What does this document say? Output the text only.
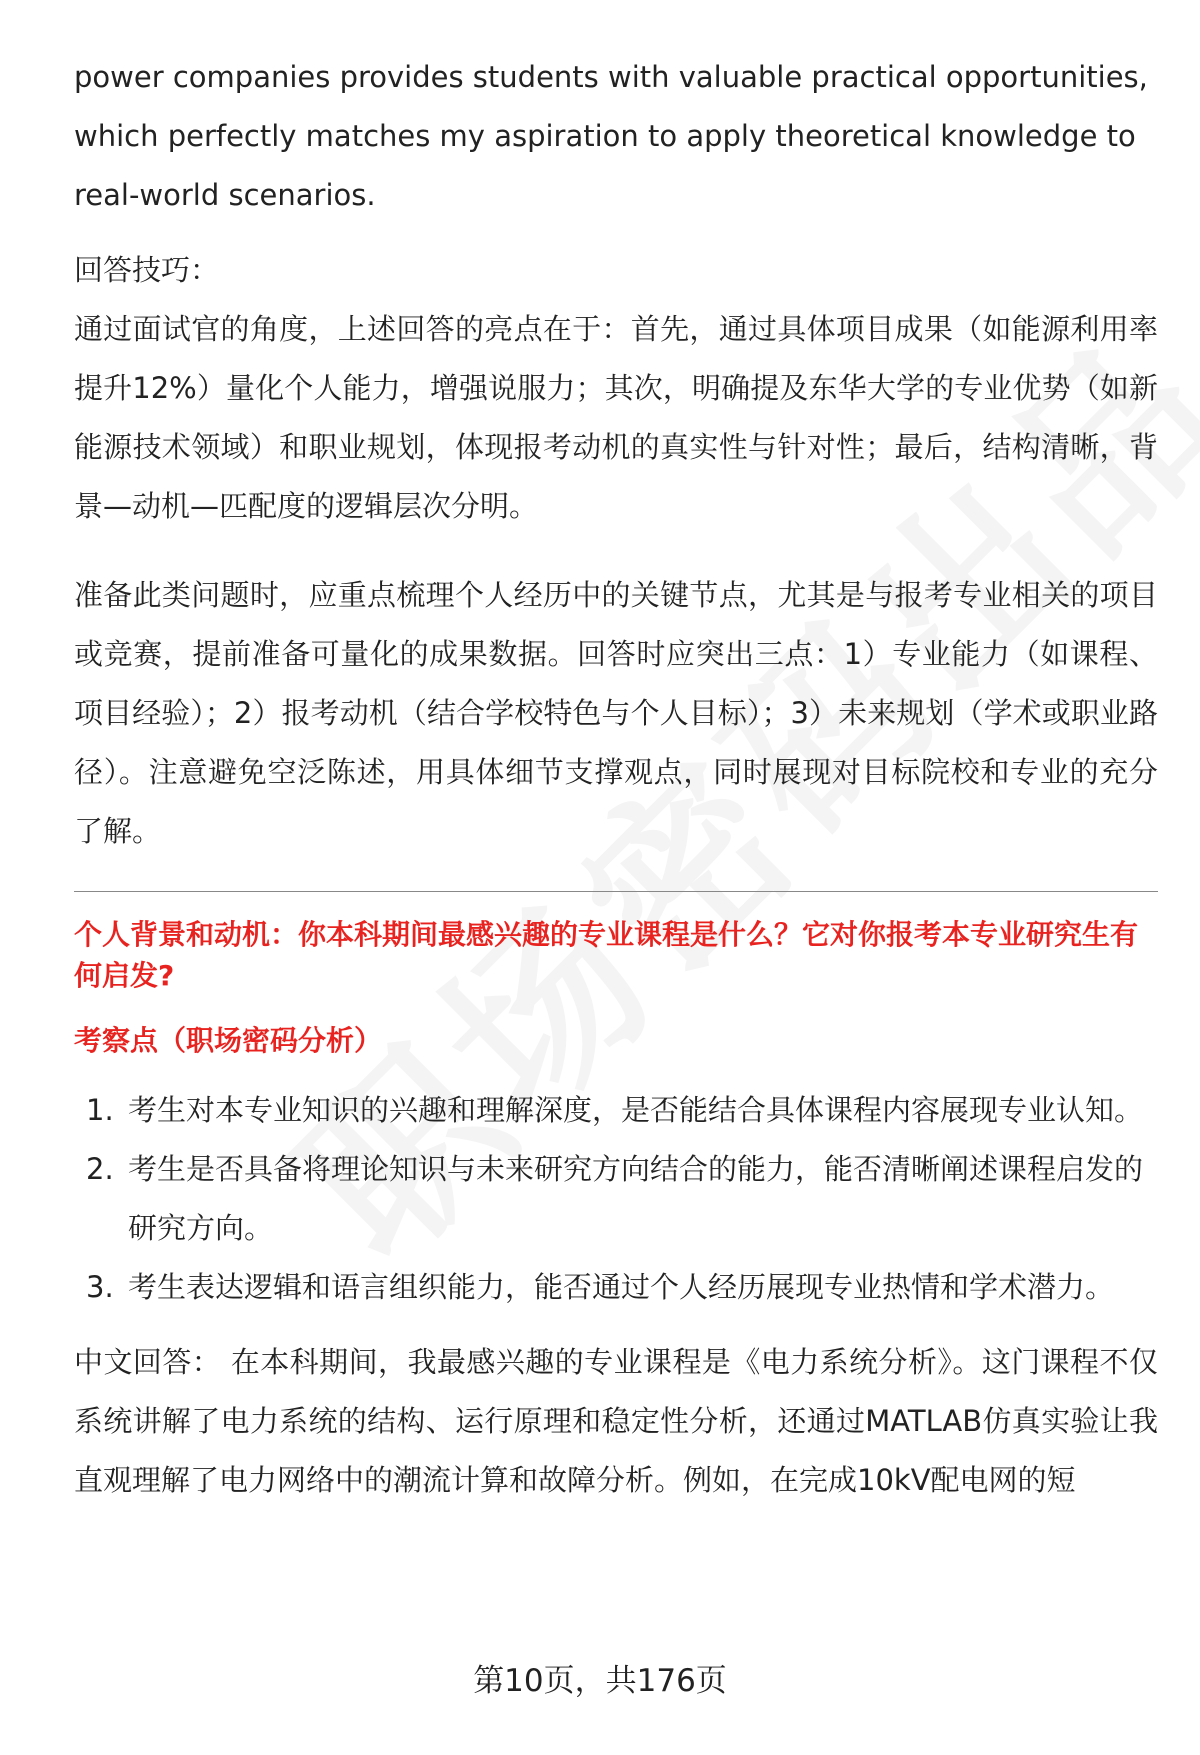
power companies provides students with valuable practical opportunities,

which perfectly matches my aspiration to apply theoretical knowledge to

real-world scenarios.

回答技巧：

通过面试官的角度，上述回答的亮点在于：首先，通过具体项目成果（如能源利用率提升12%）量化个人能力，增强说服力；其次，明确提及东华大学的专业优势（如新能源技术领域）和职业规划，体现报考动机的真实性与针对性；最后，结构清晰，背景—动机—匹配度的逻辑层次分明。

准备此类问题时，应重点梳理个人经历中的关键节点，尤其是与报考专业相关的项目或竞赛，提前准备可量化的成果数据。回答时应突出三点：1）专业能力（如课程、项目经验）；2）报考动机（结合学校特色与个人目标）；3）未来规划（学术或职业路径）。注意避免空泛陈述，用具体细节支撑观点，同时展现对目标院校和专业的充分了解。

个人背景和动机：你本科期间最感兴趣的专业课程是什么？它对你报考本专业研究生有何启发?

考察点（职场密码分析）

1. 考生对本专业知识的兴趣和理解深度，是否能结合具体课程内容展现专业认知。
2. 考生是否具备将理论知识与未来研究方向结合的能力，能否清晰阐述课程启发的研究方向。
3. 考生表达逻辑和语言组织能力，能否通过个人经历展现专业热情和学术潜力。

中文回答： 在本科期间，我最感兴趣的专业课程是《电力系统分析》。这门课程不仅系统讲解了电力系统的结构、运行原理和稳定性分析，还通过MATLAB仿真实验让我直观理解了电力网络中的潮流计算和故障分析。例如，在完成10kV配电网的短

第10页，共176页
